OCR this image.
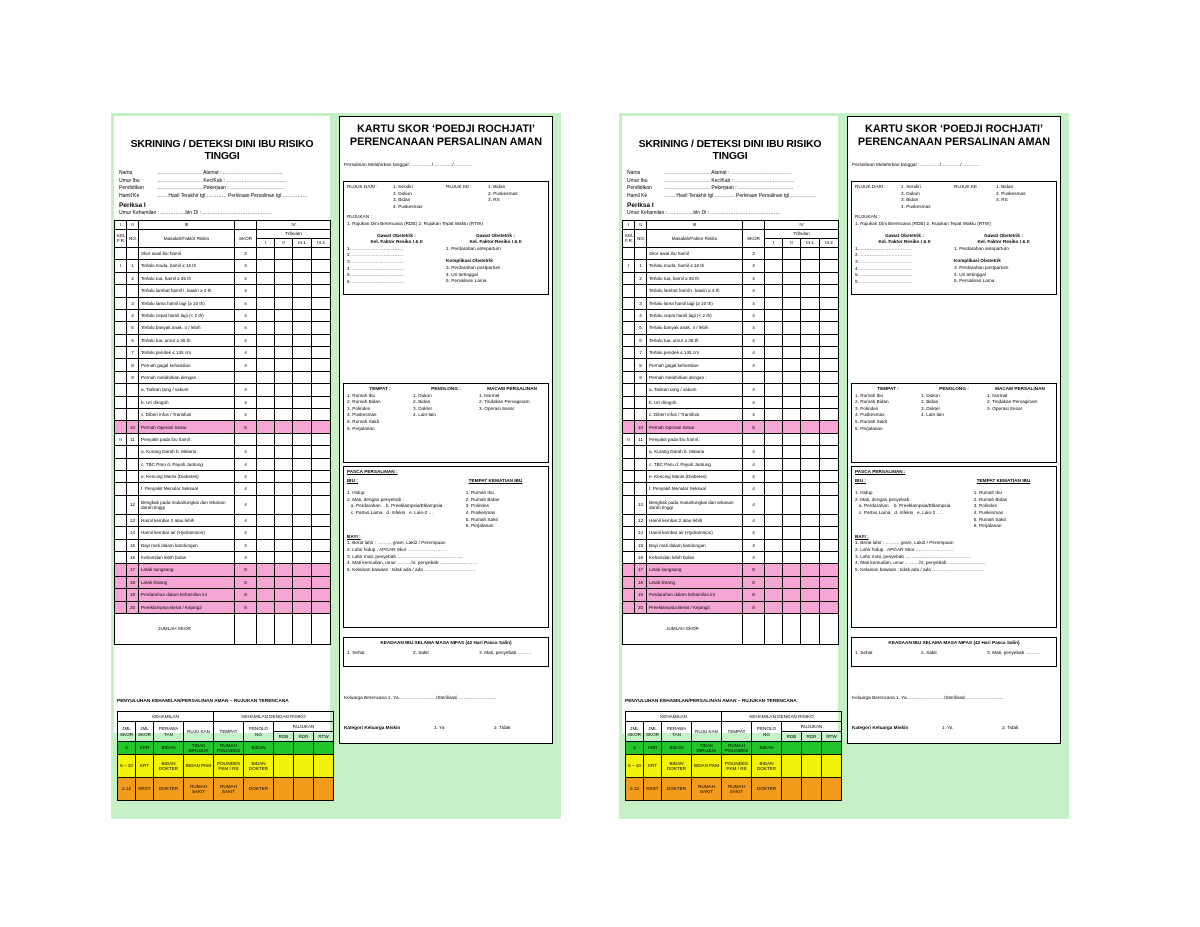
SKRINING / DETEKSI DINI IBU RISIKO TINGGI
Nama	……………………… Alamat : ………………………………
Umur Ibu	……………………… Kec/Kab : ………………………………
Pendidikan	……………………… Pekerjaan : ……………………………
Hamil Ke	…… Hasil Terakhir tgl ………… Perkiraan Persalinan tgl ……………
Periksa I
Umur Kehamilan : ……………bln Di : ……………………………………
I	II	III		IV			
KEL F.R.	NO.	Masalah/Faktor Risiko	SKOR	Tribulan			
				I	II	III.1	III.2
		Skor awal ibu hamil	2				
I	1	Terlalu muda, hamil ≤ 16 th	4				
	2	Terlalu tua, hamil ≥ 35 th	4				
		Terlalu lambat hamil I, kawin ≥ 4 th	4				
	3	Terlalu lama hamil lagi (≥ 10 th)	4				
	4	Terlalu cepat hamil lagi (< 2 th)	4				
	5	Terlalu banyak anak, 4 / lebih	4				
	6	Terlalu tua, umur ≥ 35 th	4				
	7	Terlalu pendek ≤ 145 cm	4				
	8	Pernah gagal kehamilan	4				
	9	Pernah melahirkan dengan :					
		a. Tarikan tang / vakum	4				
		b. Uri dirogoh	4				
		c. Diberi infus / Transfusi	4				
	10	Pernah Operasi Sesar	8				
II	11	Penyakit pada ibu hamil :					
		a. Kurang Darah b. Malaria	4				
		c. TBC Paru d. Payah Jantung	4				
		e. Kencing Manis (Diabetes)	4				
		f. Penyakit Menular Seksual	4				
	12	Bengkak pada muka/tungkai dan tekanan darah tinggi	4				
	13	Hamil kembar 2 atau lebih	4				
	14	Hamil kembar air (Hydramnion)	4				
	15	Bayi mati dalam kandungan	4				
	16	Kehamilan lebih bulan	4				
	17	Letak sungsang	8				
	18	Letak lintang	8				
	19	Perdarahan dalam kehamilan ini	8				
	20	Preeklampsia Berat / Kejang2	8				
JUMLAH SKOR							
PENYULUHAN KEHAMILAN/PERSALINAN AMAN – RUJUKAN TERENCANA
KEHAMILAN				KEHAMILAN DENGAN RISIKO				
JML SKOR	JML SKOR	PERAWA TAN	RUJU KAN	TEMPAT	PENOLO NG	RUJUKAN		
						RDB	RDR	RTW
2	KRR	BIDAN	TIDAK DIRUJUK	RUMAH POLINDES	BIDAN			
6 – 10	KRT	BIDAN DOKTER	BIDAN PKM	POLINDES PKM / RS	BIDAN DOKTER			
≥ 12	KRST	DOKTER	RUMAH SAKIT	RUMAH SAKIT	DOKTER			
KARTU SKOR ‘POEDJI ROCHJATI’
PERENCANAAN PERSALINAN AMAN
Persalinan Melahirkan tanggal : …………/…………/…………
RUJUK DARI :	1. Sendiri
2. Dukun
3. Bidan
4. Puskesmas
RUJUK KE :	1. Bidan
2. Puskesmas
3. RS
RUJUKAN :
1. Rujukan Dini Berencana (RDB) 2. Rujukan Tepat Waktu (RTW)
Gawat Obstetrik :
Kel. Faktor Resiko I & II
Gawat Obstetrik :
Kel. Faktor Resiko I & II
1. ……………………………
2. ……………………………
3. ……………………………
4. ……………………………
5. ……………………………
6. ……………………………
1. Perdarahan antepartum
Komplikasi Obstetrik
3. Perdarahan postpartum
4. Uri tertinggal
5. Persalinan Lama
TEMPAT :	PENOLONG :	MACAM PERSALINAN
1. Rumah Ibu
2. Rumah Bidan
3. Polindes
4. Puskesmas
5. Rumah Sakit
6. Perjalanan
1. Dukun
2. Bidan
3. Dokter
4. Lain-lain
1. Normal
2. Tindakan Pervaginam
3. Operasi Sesar
PASCA PERSALINAN :
IBU :	TEMPAT KEMATIAN IBU
1. Hidup
2. Mati, dengan penyebab :
a. Perdarahan    b. Preeklampsia/Eklampsia
c. Partus Lama   d. Infeksi   e. Lain-2 …
1. Rumah Ibu
2. Rumah Bidan
3. Polindes
4. Puskesmas
5. Rumah Sakit
6. Perjalanan
BAYI :
1. Berat lahir : ……… gram, Laki2 / Perempuan
2. Lahir hidup : APGAR Skor ……………………
3. Lahir mati, penyebab ……………………………………
4. Mati kemudian, umur ………hr, penyebab ……………………
5. Kelainan bawaan : tidak ada / ada ……………………………
KEADAAN IBU SELAMA MASA NIFAS (42 Hari Pasca Salin)
1. Sehat	2. Sakit	3. Mati, penyebab ………
Keluarga Berencana 1. Ya……………………/Sterilisasi ……………………
Kategori Keluarga Miskin	1. Ya	2. Tidak
SKRINING / DETEKSI DINI IBU RISIKO TINGGI
Nama	……………………… Alamat : ………………………………
Umur Ibu	……………………… Kec/Kab : ………………………………
Pendidikan	……………………… Pekerjaan : ……………………………
Hamil Ke	…… Hasil Terakhir tgl ………… Perkiraan Persalinan tgl ……………
Periksa I
Umur Kehamilan : ……………bln Di : ……………………………………
I	II	III		IV			
KEL F.R.	NO.	Masalah/Faktor Risiko	SKOR	Tribulan			
				I	II	III.1	III.2
		Skor awal ibu hamil	2				
I	1	Terlalu muda, hamil ≤ 16 th	4				
	2	Terlalu tua, hamil ≥ 35 th	4				
		Terlalu lambat hamil I, kawin ≥ 4 th	4				
	3	Terlalu lama hamil lagi (≥ 10 th)	4				
	4	Terlalu cepat hamil lagi (< 2 th)	4				
	5	Terlalu banyak anak, 4 / lebih	4				
	6	Terlalu tua, umur ≥ 35 th	4				
	7	Terlalu pendek ≤ 145 cm	4				
	8	Pernah gagal kehamilan	4				
	9	Pernah melahirkan dengan :					
		a. Tarikan tang / vakum	4				
		b. Uri dirogoh	4				
		c. Diberi infus / Transfusi	4				
	10	Pernah Operasi Sesar	8				
II	11	Penyakit pada ibu hamil :					
		a. Kurang Darah b. Malaria	4				
		c. TBC Paru d. Payah Jantung	4				
		e. Kencing Manis (Diabetes)	4				
		f. Penyakit Menular Seksual	4				
	12	Bengkak pada muka/tungkai dan tekanan darah tinggi	4				
	13	Hamil kembar 2 atau lebih	4				
	14	Hamil kembar air (Hydramnion)	4				
	15	Bayi mati dalam kandungan	4				
	16	Kehamilan lebih bulan	4				
	17	Letak sungsang	8				
	18	Letak lintang	8				
	19	Perdarahan dalam kehamilan ini	8				
	20	Preeklampsia Berat / Kejang2	8				
JUMLAH SKOR							
PENYULUHAN KEHAMILAN/PERSALINAN AMAN – RUJUKAN TERENCANA
KEHAMILAN				KEHAMILAN DENGAN RISIKO				
JML SKOR	JML SKOR	PERAWA TAN	RUJU KAN	TEMPAT	PENOLO NG	RUJUKAN		
						RDB	RDR	RTW
2	KRR	BIDAN	TIDAK DIRUJUK	RUMAH POLINDES	BIDAN			
6 – 10	KRT	BIDAN DOKTER	BIDAN PKM	POLINDES PKM / RS	BIDAN DOKTER			
≥ 12	KRST	DOKTER	RUMAH SAKIT	RUMAH SAKIT	DOKTER			
KARTU SKOR ‘POEDJI ROCHJATI’
PERENCANAAN PERSALINAN AMAN
Persalinan Melahirkan tanggal : …………/…………/…………
RUJUK DARI :	1. Sendiri
2. Dukun
3. Bidan
4. Puskesmas
RUJUK KE :	1. Bidan
2. Puskesmas
3. RS
RUJUKAN :
1. Rujukan Dini Berencana (RDB) 2. Rujukan Tepat Waktu (RTW)
Gawat Obstetrik :
Kel. Faktor Resiko I & II
Gawat Obstetrik :
Kel. Faktor Resiko I & II
1. ……………………………
2. ……………………………
3. ……………………………
4. ……………………………
5. ……………………………
6. ……………………………
1. Perdarahan antepartum
Komplikasi Obstetrik
3. Perdarahan postpartum
4. Uri tertinggal
5. Persalinan Lama
TEMPAT :	PENOLONG :	MACAM PERSALINAN
1. Rumah Ibu
2. Rumah Bidan
3. Polindes
4. Puskesmas
5. Rumah Sakit
6. Perjalanan
1. Dukun
2. Bidan
3. Dokter
4. Lain-lain
1. Normal
2. Tindakan Pervaginam
3. Operasi Sesar
PASCA PERSALINAN :
IBU :	TEMPAT KEMATIAN IBU
1. Hidup
2. Mati, dengan penyebab :
a. Perdarahan    b. Preeklampsia/Eklampsia
c. Partus Lama   d. Infeksi   e. Lain-2 …
1. Rumah Ibu
2. Rumah Bidan
3. Polindes
4. Puskesmas
5. Rumah Sakit
6. Perjalanan
BAYI :
1. Berat lahir : ……… gram, Laki2 / Perempuan
2. Lahir hidup : APGAR Skor ……………………
3. Lahir mati, penyebab ……………………………………
4. Mati kemudian, umur ………hr, penyebab ……………………
5. Kelainan bawaan : tidak ada / ada ……………………………
KEADAAN IBU SELAMA MASA NIFAS (42 Hari Pasca Salin)
1. Sehat	2. Sakit	3. Mati, penyebab ………
Keluarga Berencana 1. Ya……………………/Sterilisasi ……………………
Kategori Keluarga Miskin	1. Ya	2. Tidak
